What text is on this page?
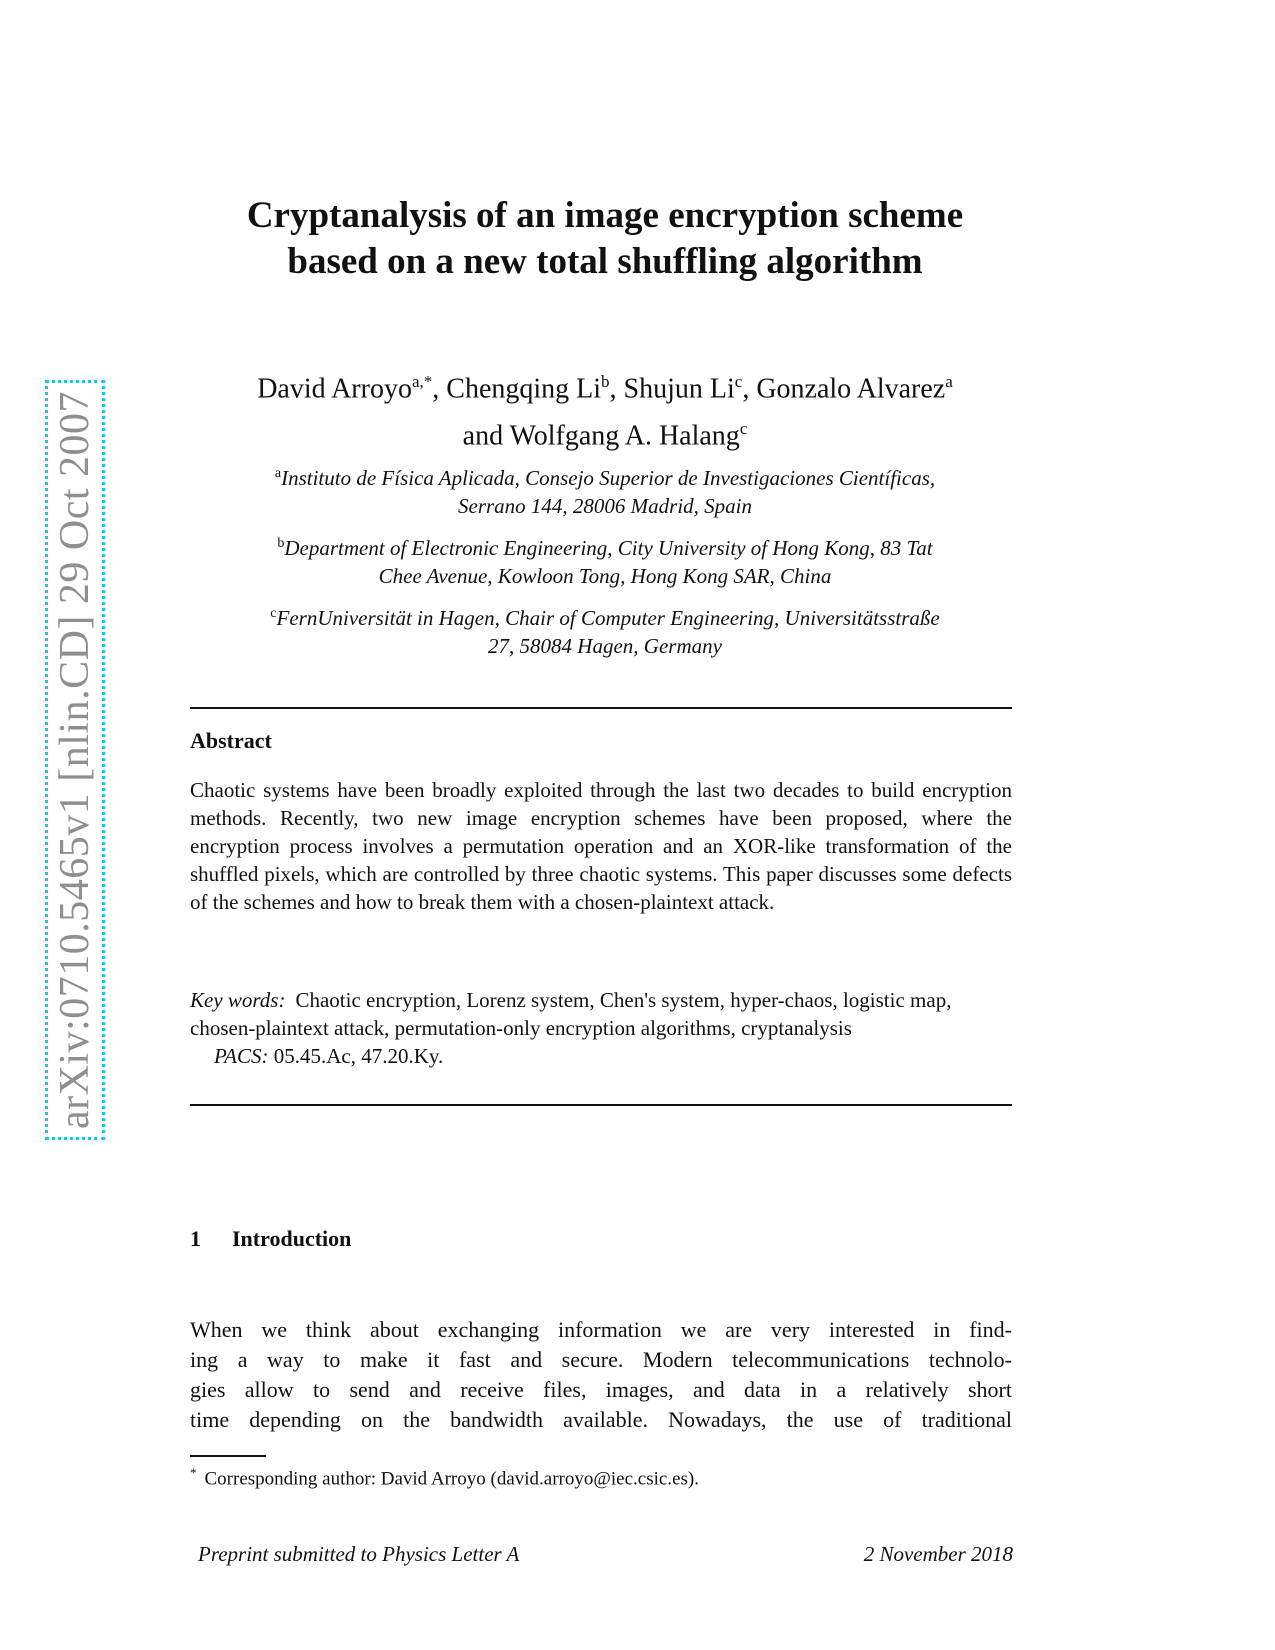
arXiv:0710.5465v1 [nlin.CD] 29 Oct 2007
Cryptanalysis of an image encryption scheme
based on a new total shuffling algorithm
David Arroyo$^{a,*}$, Chengqing Li$^b$, Shujun Li$^c$, Gonzalo Alvarez$^a$
and Wolfgang A. Halang$^c$
$^a$Instituto de Física Aplicada, Consejo Superior de Investigaciones Científicas,
Serrano 144, 28006 Madrid, Spain
$^b$Department of Electronic Engineering, City University of Hong Kong, 83 Tat
Chee Avenue, Kowloon Tong, Hong Kong SAR, China
$^c$FernUniversität in Hagen, Chair of Computer Engineering, Universitätsstraße
27, 58084 Hagen, Germany
Abstract
Chaotic systems have been broadly exploited through the last two decades to build encryption methods. Recently, two new image encryption schemes have been proposed, where the encryption process involves a permutation operation and an XOR-like transformation of the shuffled pixels, which are controlled by three chaotic systems. This paper discusses some defects of the schemes and how to break them with a chosen-plaintext attack.
Key words: Chaotic encryption, Lorenz system, Chen's system, hyper-chaos, logistic map, chosen-plaintext attack, permutation-only encryption algorithms, cryptanalysis
PACS: 05.45.Ac, 47.20.Ky.
1 Introduction
When we think about exchanging information we are very interested in find-
ing a way to make it fast and secure. Modern telecommunications technolo-
gies allow to send and receive files, images, and data in a relatively short
time depending on the bandwidth available. Nowadays, the use of traditional
* Corresponding author: David Arroyo (david.arroyo@iec.csic.es).
Preprint submitted to Physics Letter A	2 November 2018
